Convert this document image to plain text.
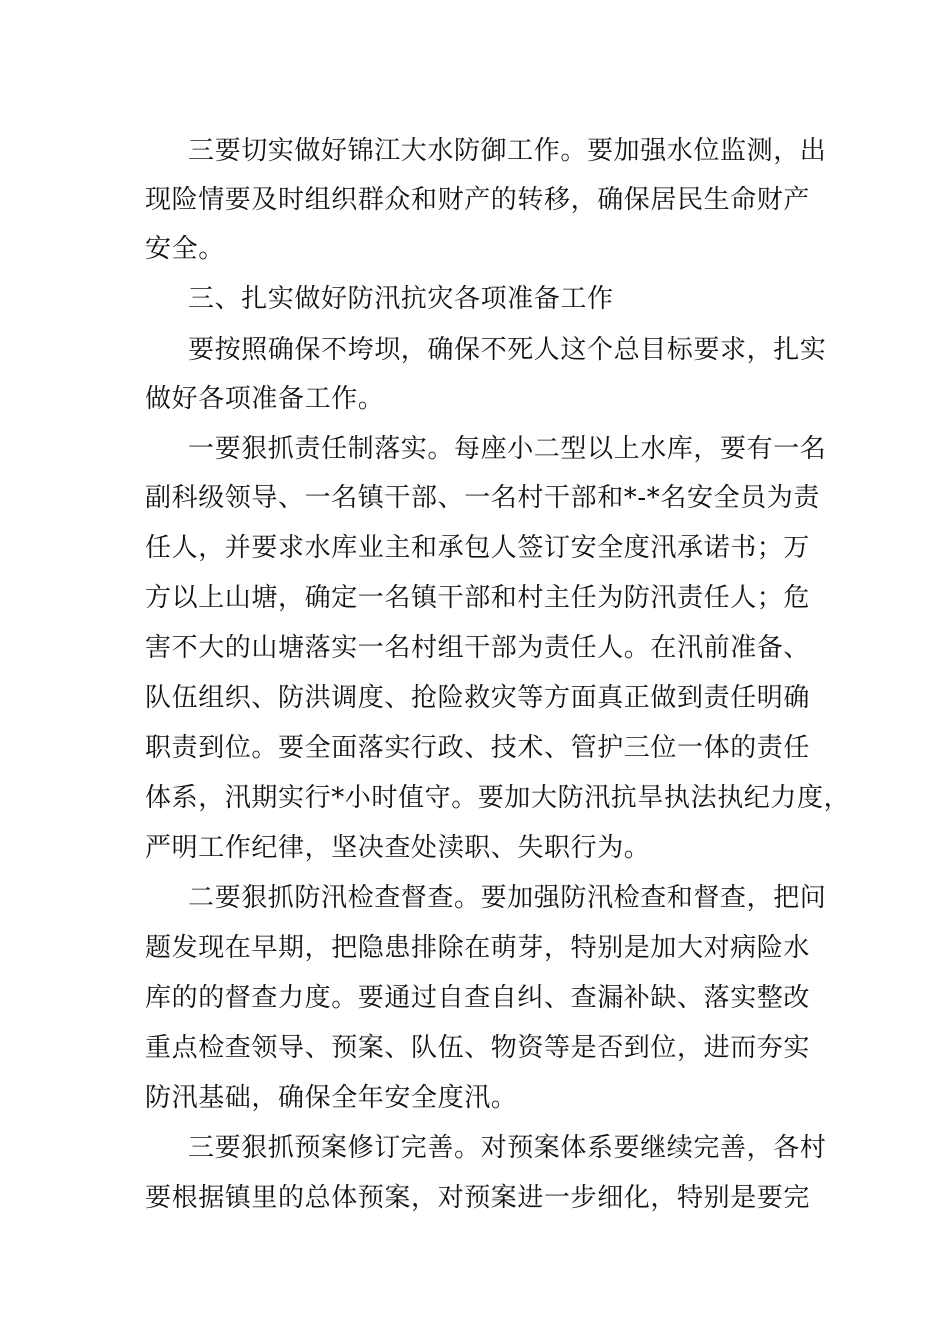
三要切实做好锦江大水防御工作。要加强水位监测，出
现险情要及时组织群众和财产的转移，确保居民生命财产
安全。
三、扎实做好防汛抗灾各项准备工作
要按照确保不垮坝，确保不死人这个总目标要求，扎实
做好各项准备工作。
一要狠抓责任制落实。每座小二型以上水库，要有一名
副科级领导、一名镇干部、一名村干部和*-*名安全员为责
任人，并要求水库业主和承包人签订安全度汛承诺书；万
方以上山塘，确定一名镇干部和村主任为防汛责任人；危
害不大的山塘落实一名村组干部为责任人。在汛前准备、
队伍组织、防洪调度、抢险救灾等方面真正做到责任明确
职责到位。要全面落实行政、技术、管护三位一体的责任
体系，汛期实行*小时值守。要加大防汛抗旱执法执纪力度，
严明工作纪律，坚决查处渎职、失职行为。
二要狠抓防汛检查督查。要加强防汛检查和督查，把问
题发现在早期，把隐患排除在萌芽，特别是加大对病险水
库的的督查力度。要通过自查自纠、查漏补缺、落实整改
重点检查领导、预案、队伍、物资等是否到位，进而夯实
防汛基础，确保全年安全度汛。
三要狠抓预案修订完善。对预案体系要继续完善，各村
要根据镇里的总体预案，对预案进一步细化，特别是要完
